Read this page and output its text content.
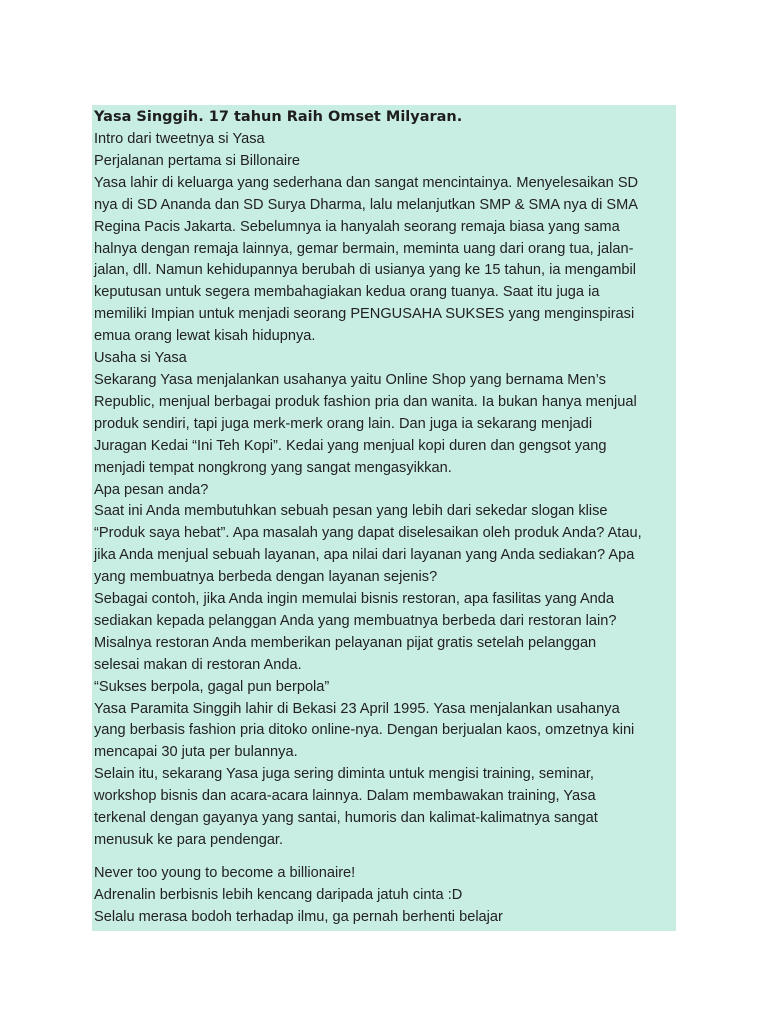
Yasa Singgih. 17 tahun Raih Omset Milyaran.
Intro dari tweetnya si Yasa
Perjalanan pertama si Billonaire
Yasa lahir di keluarga yang sederhana dan sangat mencintainya. Menyelesaikan SD
nya di SD Ananda dan SD Surya Dharma, lalu melanjutkan SMP & SMA nya di SMA
Regina Pacis Jakarta. Sebelumnya ia hanyalah seorang remaja biasa yang sama
halnya dengan remaja lainnya, gemar bermain, meminta uang dari orang tua, jalan-
jalan, dll. Namun kehidupannya berubah di usianya yang ke 15 tahun, ia mengambil
keputusan untuk segera membahagiakan kedua orang tuanya. Saat itu juga ia
memiliki Impian untuk menjadi seorang PENGUSAHA SUKSES yang menginspirasi
emua orang lewat kisah hidupnya.
Usaha si Yasa
Sekarang Yasa menjalankan usahanya yaitu Online Shop yang bernama Men’s
Republic, menjual berbagai produk fashion pria dan wanita. Ia bukan hanya menjual
produk sendiri, tapi juga merk-merk orang lain. Dan juga ia sekarang menjadi
Juragan Kedai “Ini Teh Kopi”. Kedai yang menjual kopi duren dan gengsot yang
menjadi tempat nongkrong yang sangat mengasyikkan.
Apa pesan anda?
Saat ini Anda membutuhkan sebuah pesan yang lebih dari sekedar slogan klise
“Produk saya hebat”. Apa masalah yang dapat diselesaikan oleh produk Anda? Atau,
jika Anda menjual sebuah layanan, apa nilai dari layanan yang Anda sediakan? Apa
yang membuatnya berbeda dengan layanan sejenis?
Sebagai contoh, jika Anda ingin memulai bisnis restoran, apa fasilitas yang Anda
sediakan kepada pelanggan Anda yang membuatnya berbeda dari restoran lain?
Misalnya restoran Anda memberikan pelayanan pijat gratis setelah pelanggan
selesai makan di restoran Anda.
“Sukses berpola, gagal pun berpola”
Yasa Paramita Singgih lahir di Bekasi 23 April 1995. Yasa menjalankan usahanya
yang berbasis fashion pria ditoko online-nya. Dengan berjualan kaos, omzetnya kini
mencapai 30 juta per bulannya.
Selain itu, sekarang Yasa juga sering diminta untuk mengisi training, seminar,
workshop bisnis dan acara-acara lainnya. Dalam membawakan training, Yasa
terkenal dengan gayanya yang santai, humoris dan kalimat-kalimatnya sangat
menusuk ke para pendengar.
Never too young to become a billionaire!
Adrenalin berbisnis lebih kencang daripada jatuh cinta :D
Selalu merasa bodoh terhadap ilmu, ga pernah berhenti belajar
